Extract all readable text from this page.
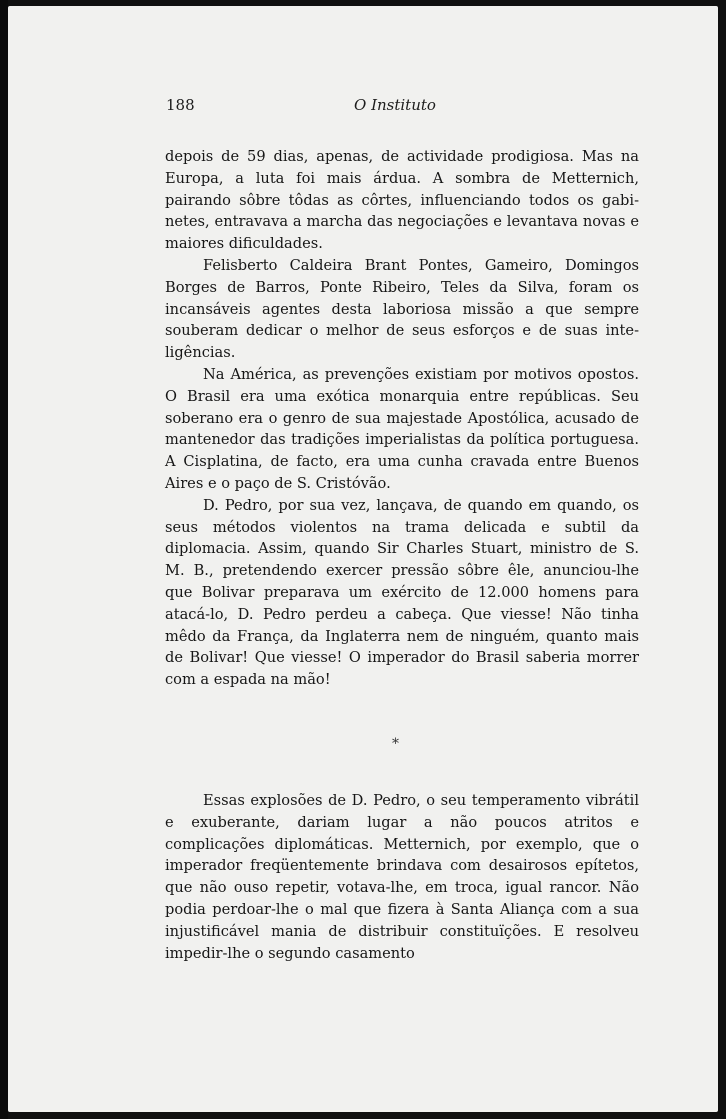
188	O Instituto

depois de 59 dias, apenas, de actividade prodigiosa. Mas na Europa, a luta foi mais árdua. A sombra de Metternich, pairando sôbre tôdas as côrtes, influenciando todos os gabinetes, entravava a marcha das negociações e levantava novas e maiores dificuldades.

Felisberto Caldeira Brant Pontes, Gameiro, Domingos Borges de Barros, Ponte Ribeiro, Teles da Silva, foram os incansáveis agentes desta laboriosa missão a que sempre souberam dedicar o melhor de seus esforços e de suas inteligências.

Na América, as prevenções existiam por motivos opostos. O Brasil era uma exótica monarquia entre repúblicas. Seu soberano era o genro de sua majestade Apostólica, acusado de mantenedor das tradições imperialistas da política portuguesa. A Cisplatina, de facto, era uma cunha cravada entre Buenos Aires e o paço de S. Cristóvão.

D. Pedro, por sua vez, lançava, de quando em quando, os seus métodos violentos na trama delicada e subtil da diplomacia. Assim, quando Sir Charles Stuart, ministro de S. M. B., pretendendo exercer pressão sôbre êle, anunciou-lhe que Bolivar preparava um exército de 12.000 homens para atacá-lo, D. Pedro perdeu a cabeça. Que viesse! Não tinha mêdo da França, da Inglaterra nem de ninguém, quanto mais de Bolivar! Que viesse! O imperador do Brasil saberia morrer com a espada na mão!

*

Essas explosões de D. Pedro, o seu temperamento vibrátil e exuberante, dariam lugar a não poucos atritos e complicações diplomáticas. Metternich, por exemplo, que o imperador freqüentemente brindava com desairosos epítetos, que não ouso repetir, votava-lhe, em troca, igual rancor. Não podia perdoar-lhe o mal que fizera à Santa Aliança com a sua injustificável mania de distribuir constituïções. E resolveu impedir-lhe o segundo casamento
